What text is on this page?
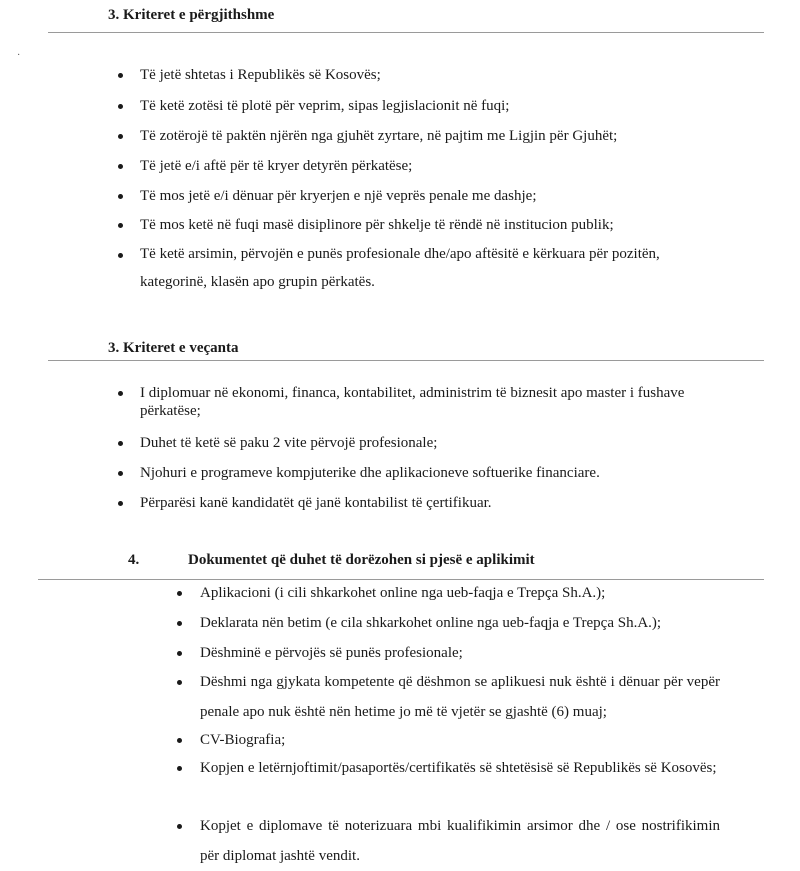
3. Kriteret e përgjithshme
·
Të jetë shtetas i Republikës së Kosovës;
Të ketë zotësi të plotë për veprim, sipas legjislacionit në fuqi;
Të zotërojë të paktën njërën nga gjuhët zyrtare, në pajtim me Ligjin për Gjuhët;
Të jetë e/i aftë për të kryer detyrën përkatëse;
Të mos jetë e/i dënuar për kryerjen e një veprës penale me dashje;
Të mos ketë në fuqi masë disiplinore për shkelje të rëndë në institucion publik;
Të ketë arsimin, përvojën e punës profesionale dhe/apo aftësitë e kërkuara për pozitën, kategorinë, klasën apo grupin përkatës.
3. Kriteret e veçanta
I diplomuar në ekonomi, financa, kontabilitet, administrim të biznesit apo master i fushave përkatëse;
Duhet të ketë së paku 2 vite përvojë profesionale;
Njohuri e programeve kompjuterike dhe aplikacioneve softuerike financiare.
Përparësi kanë kandidatët që janë kontabilist të çertifikuar.
4.	Dokumentet që duhet të dorëzohen si pjesë e aplikimit
Aplikacioni (i cili shkarkohet online nga ueb-faqja e Trepça Sh.A.);
Deklarata nën betim (e cila shkarkohet online nga ueb-faqja e Trepça Sh.A.);
Dëshminë e përvojës së punës profesionale;
Dëshmi nga gjykata kompetente që dëshmon se aplikuesi nuk është i dënuar për vepër penale apo nuk është nën hetime jo më të vjetër se gjashtë (6) muaj;
CV-Biografia;
Kopjen e letërnjoftimit/pasaportës/certifikatës së shtetësisë së Republikës së Kosovës;
Kopjet e diplomave të noterizuara mbi kualifikimin arsimor dhe / ose nostrifikimin për diplomat jashtë vendit.
